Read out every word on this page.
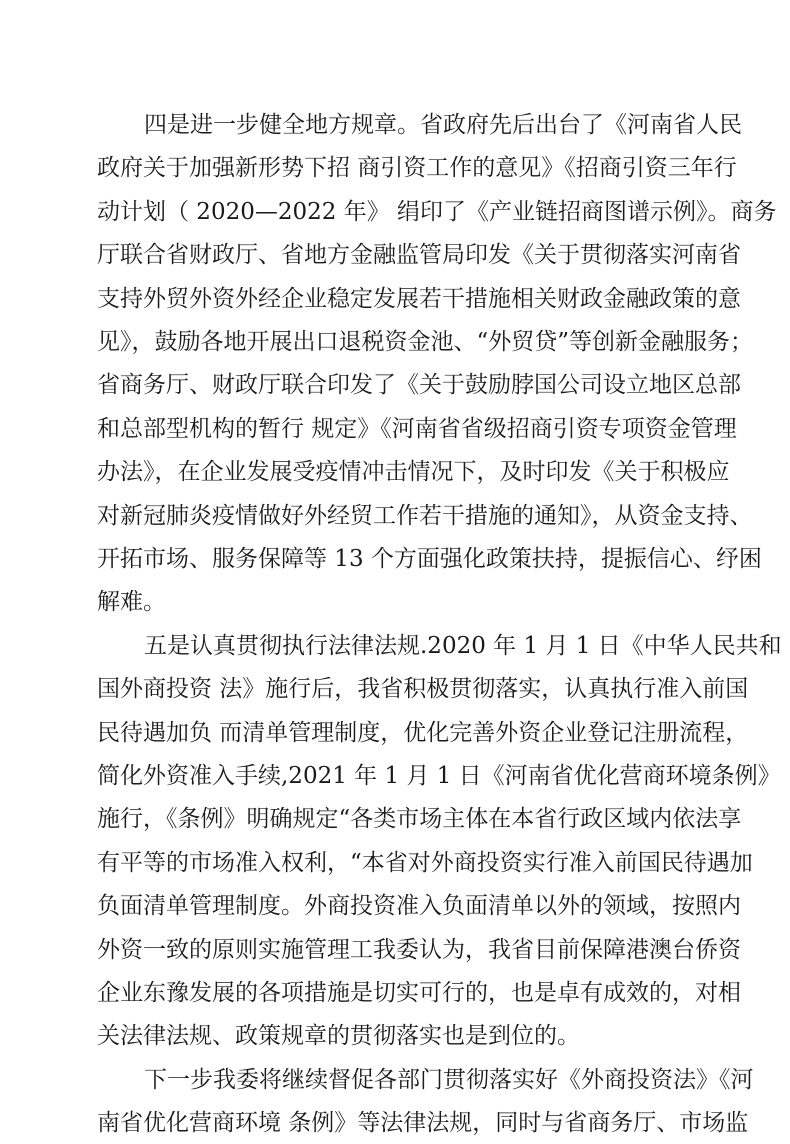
四是进一步健全地方规章。省政府先后出台了《河南省人民
政府关于加强新形势下招 商引资工作的意见》《招商引资三年行
动计划（ 2020—2022 年》 绢印了《产业链招商图谱示例》。商务
厅联合省财政厅、省地方金融监管局印发《关于贯彻落实河南省
支持外贸外资外经企业稳定发展若干措施相关财政金融政策的意
见》，鼓励各地开展出口退税资金池、“外贸贷”等创新金融服务；
省商务厅、财政厅联合印发了《关于鼓励脖国公司设立地区总部
和总部型机构的暂行 规定》《河南省省级招商引资专项资金管理
办法》，在企业发展受疫情冲击情况下，及时印发《关于积极应
对新冠肺炎疫情做好外经贸工作若干措施的通知》，从资金支持、
开拓市场、服务保障等 13 个方面强化政策扶持，提振信心、纾困
解难。
五是认真贯彻执行法律法规.2020 年 1 月 1 日《中华人民共和
国外商投资 法》施行后，我省积极贯彻落实，认真执行准入前国
民待遇加负 而清单管理制度，优化完善外资企业登记注册流程，
简化外资准入手续,2021 年 1 月 1 日《河南省优化营商环境条例》
施行，《条例》明确规定“各类市场主体在本省行政区域内依法享
有平等的市场准入权利，“本省对外商投资实行准入前国民待遇加
负面清单管理制度。外商投资准入负面清单以外的领域，按照内
外资一致的原则实施管理工我委认为，我省目前保障港澳台侨资
企业东豫发展的各项措施是切实可行的，也是卓有成效的，对相
关法律法规、政策规章的贯彻落实也是到位的。
下一步我委将继续督促各部门贯彻落实好《外商投资法》《河
南省优化营商环境 条例》等法律法规，同时与省商务厅、市场监
